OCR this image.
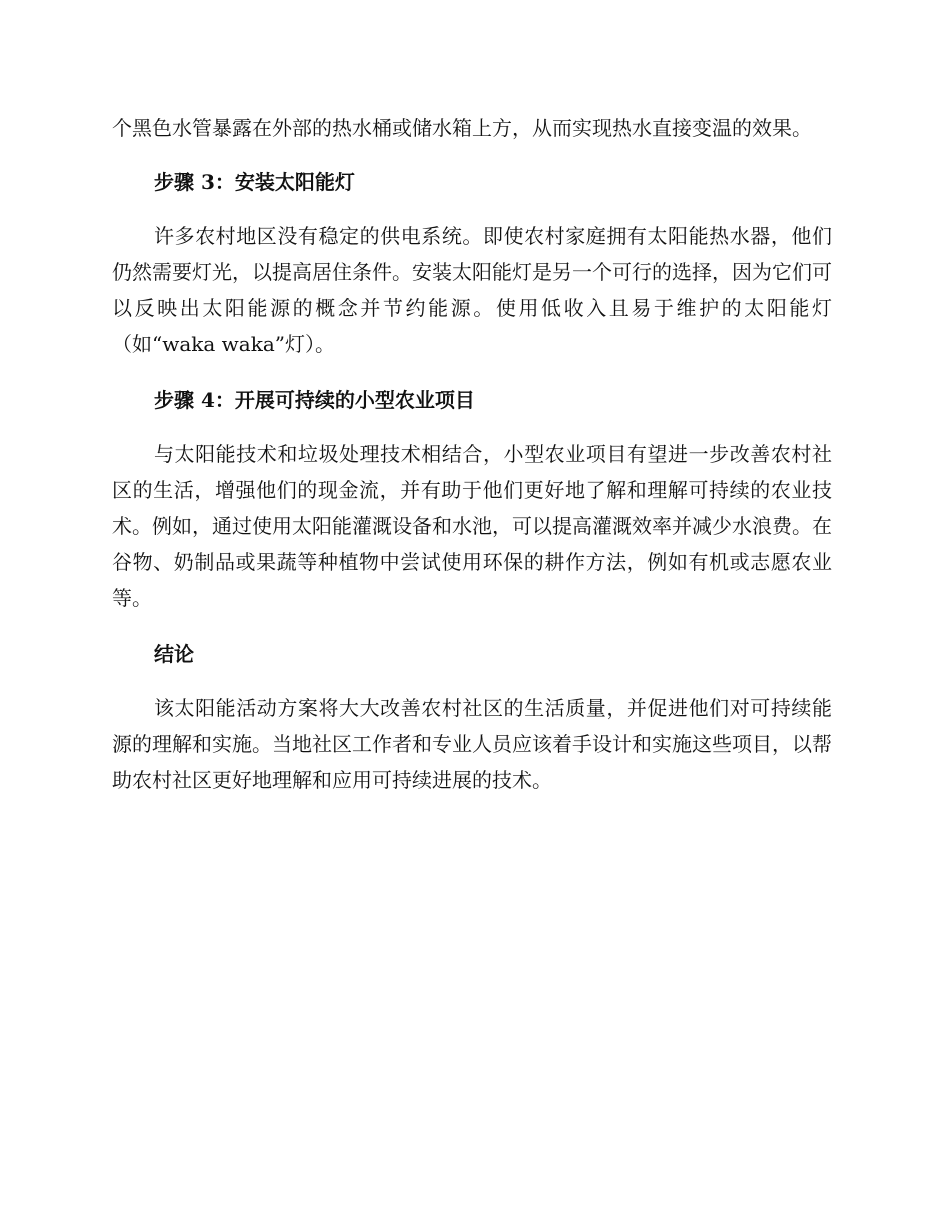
个黑色水管暴露在外部的热水桶或储水箱上方，从而实现热水直接变温的效果。

步骤 3：安装太阳能灯

许多农村地区没有稳定的供电系统。即使农村家庭拥有太阳能热水器，他们仍然需要灯光，以提高居住条件。安装太阳能灯是另一个可行的选择，因为它们可以反映出太阳能源的概念并节约能源。使用低收入且易于维护的太阳能灯（如“waka waka”灯）。

步骤 4：开展可持续的小型农业项目

与太阳能技术和垃圾处理技术相结合，小型农业项目有望进一步改善农村社区的生活，增强他们的现金流，并有助于他们更好地了解和理解可持续的农业技术。例如，通过使用太阳能灌溉设备和水池，可以提高灌溉效率并减少水浪费。在谷物、奶制品或果蔬等种植物中尝试使用环保的耕作方法，例如有机或志愿农业等。

结论

该太阳能活动方案将大大改善农村社区的生活质量，并促进他们对可持续能源的理解和实施。当地社区工作者和专业人员应该着手设计和实施这些项目，以帮助农村社区更好地理解和应用可持续进展的技术。
